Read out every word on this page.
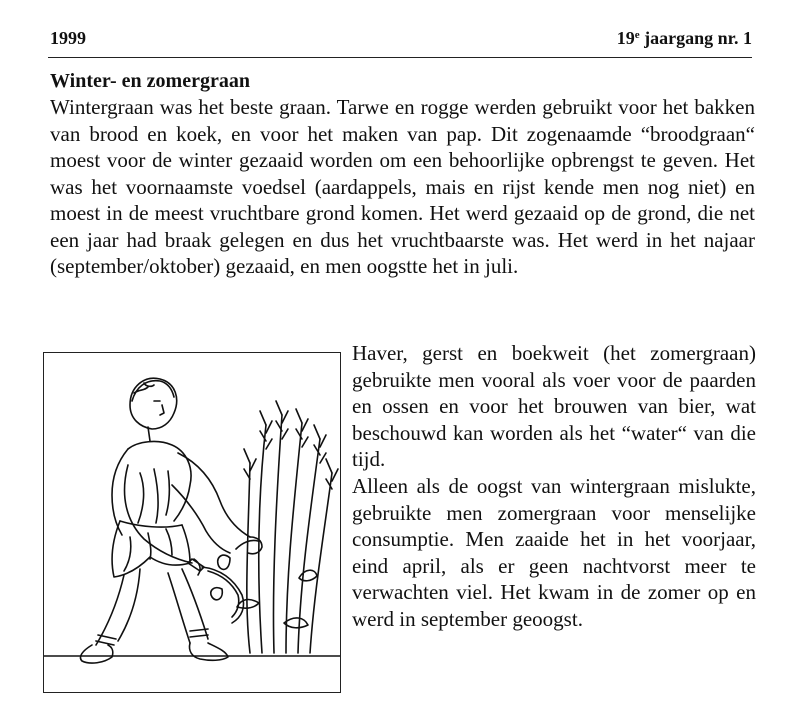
1999	19e jaargang nr. 1
Winter- en zomergraan

Wintergraan was het beste graan. Tarwe en rogge werden gebruikt voor het bakken van brood en koek, en voor het maken van pap. Dit zogenaamde “broodgraan“ moest voor de winter gezaaid worden om een behoorlijke opbrengst te geven. Het was het voornaamste voedsel (aardappels, mais en rijst kende men nog niet) en moest in de meest vruchtbare grond komen. Het werd gezaaid op de grond, die net een jaar had braak gelegen en dus het vruchtbaarste was. Het werd in het najaar (september/oktober) gezaaid, en men oogstte het in juli.

Haver, gerst en boekweit (het zomergraan) gebruikte men vooral als voer voor de paarden en ossen en voor het brouwen van bier, wat beschouwd kan worden als het “water“ van die tijd.

Alleen als de oogst van wintergraan mislukte, gebruikte men zomergraan voor menselijke consumptie. Men zaaide het in het voorjaar, eind april, als er geen nachtvorst meer te verwachten viel. Het kwam in de zomer op en werd in september geoogst.
